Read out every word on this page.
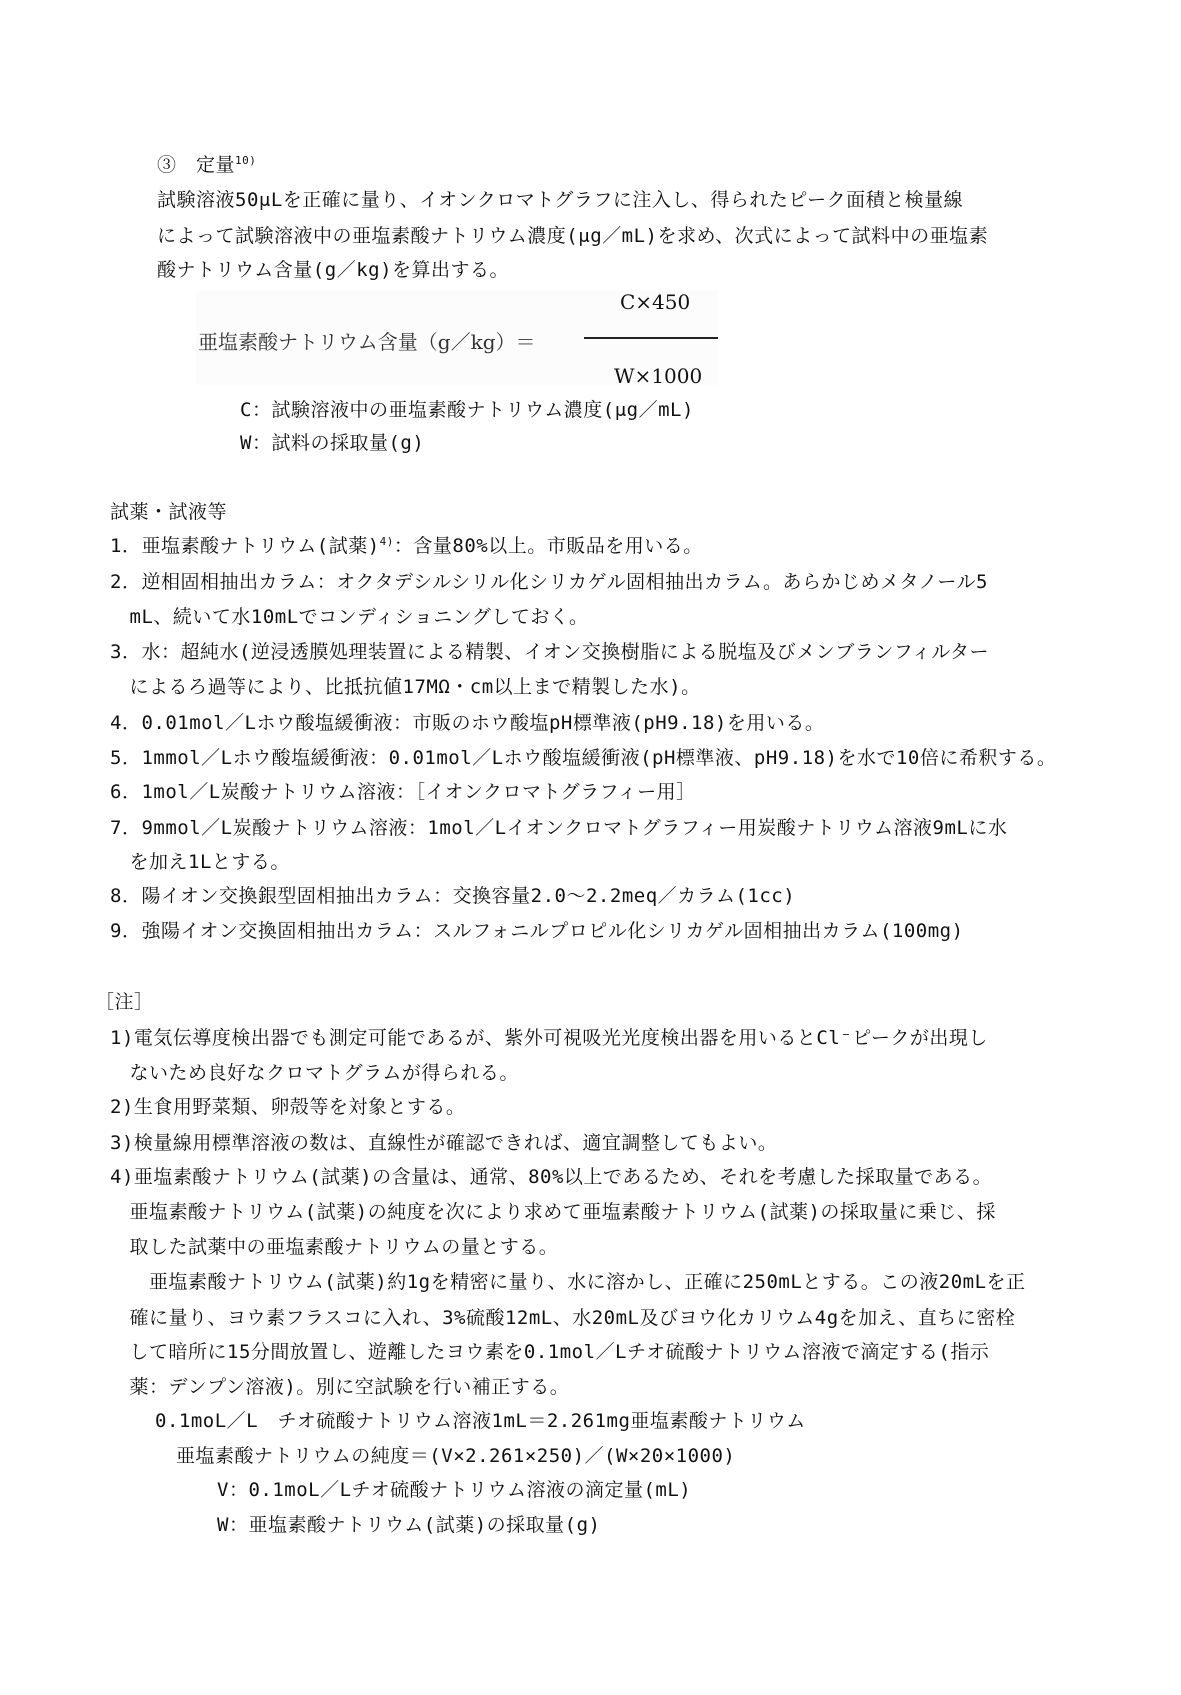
③　定量$^{10)}$
試験溶液50μLを正確に量り、イオンクロマトグラフに注入し、得られたピーク面積と検量線
によって試験溶液中の亜塩素酸ナトリウム濃度(μg／mL)を求め、次式によって試料中の亜塩素
酸ナトリウム含量(g／kg)を算出する。
亜塩素酸ナトリウム含量（g／kg）＝
C×450
W×1000
C：試験溶液中の亜塩素酸ナトリウム濃度(μg／mL)
W：試料の採取量(g)
試薬・試液等
1．亜塩素酸ナトリウム(試薬)$^{4)}$：含量80%以上。市販品を用いる。
2．逆相固相抽出カラム：オクタデシルシリル化シリカゲル固相抽出カラム。あらかじめメタノール5
　mL、続いて水10mLでコンディショニングしておく。
3．水：超純水(逆浸透膜処理装置による精製、イオン交換樹脂による脱塩及びメンブランフィルター
　によるろ過等により、比抵抗値17MΩ・cm以上まで精製した水)。
4．0.01mol／Lホウ酸塩緩衝液：市販のホウ酸塩pH標準液(pH9.18)を用いる。
5．1mmol／Lホウ酸塩緩衝液：0.01mol／Lホウ酸塩緩衝液(pH標準液、pH9.18)を水で10倍に希釈する。
6．1mol／L炭酸ナトリウム溶液：［イオンクロマトグラフィー用］
7．9mmol／L炭酸ナトリウム溶液：1mol／Lイオンクロマトグラフィー用炭酸ナトリウム溶液9mLに水
　を加え1Lとする。
8．陽イオン交換銀型固相抽出カラム：交換容量2.0～2.2meq／カラム(1cc)
9．強陽イオン交換固相抽出カラム：スルフォニルプロピル化シリカゲル固相抽出カラム(100mg)
［注］
1)電気伝導度検出器でも測定可能であるが、紫外可視吸光光度検出器を用いるとCl⁻ピークが出現し
　ないため良好なクロマトグラムが得られる。
2)生食用野菜類、卵殻等を対象とする。
3)検量線用標準溶液の数は、直線性が確認できれば、適宜調整してもよい。
4)亜塩素酸ナトリウム(試薬)の含量は、通常、80%以上であるため、それを考慮した採取量である。
　亜塩素酸ナトリウム(試薬)の純度を次により求めて亜塩素酸ナトリウム(試薬)の採取量に乗じ、採
　取した試薬中の亜塩素酸ナトリウムの量とする。
　　亜塩素酸ナトリウム(試薬)約1gを精密に量り、水に溶かし、正確に250mLとする。この液20mLを正
　確に量り、ヨウ素フラスコに入れ、3%硫酸12mL、水20mL及びヨウ化カリウム4gを加え、直ちに密栓
　して暗所に15分間放置し、遊離したヨウ素を0.1mol／Lチオ硫酸ナトリウム溶液で滴定する(指示
　薬：デンプン溶液)。別に空試験を行い補正する。
0.1moL／L　チオ硫酸ナトリウム溶液1mL＝2.261mg亜塩素酸ナトリウム
亜塩素酸ナトリウムの純度＝(V×2.261×250)／(W×20×1000)
V：0.1moL／Lチオ硫酸ナトリウム溶液の滴定量(mL)
W：亜塩素酸ナトリウム(試薬)の採取量(g)
